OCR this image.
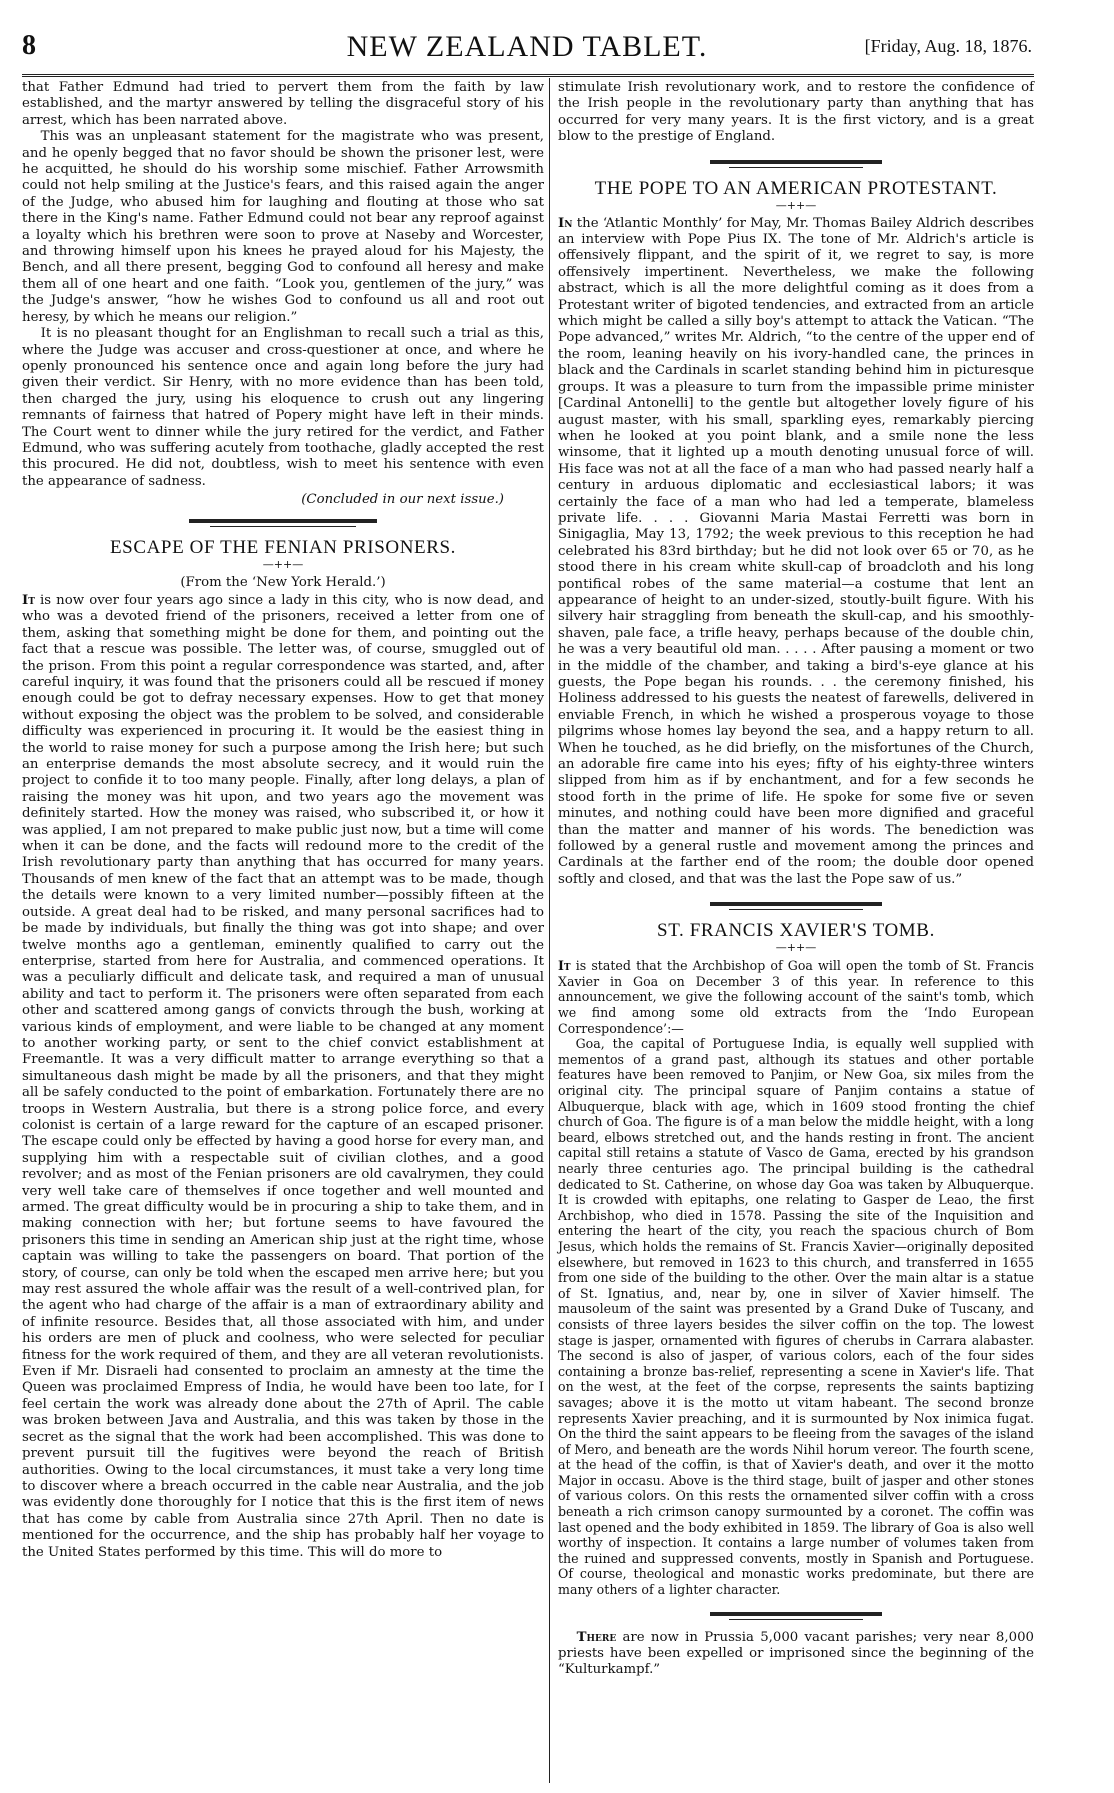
8	NEW ZEALAND TABLET.	[Friday, Aug. 18, 1876.

that Father Edmund had tried to pervert them from the faith by law established, and the martyr answered by telling the disgraceful story of his arrest, which has been narrated above.

This was an unpleasant statement for the magistrate who was present, and he openly begged that no favor should be shown the prisoner lest, were he acquitted, he should do his worship some mischief. Father Arrowsmith could not help smiling at the Justice's fears, and this raised again the anger of the Judge, who abused him for laughing and flouting at those who sat there in the King's name. Father Edmund could not bear any reproof against a loyalty which his brethren were soon to prove at Naseby and Worcester, and throwing himself upon his knees he prayed aloud for his Majesty, the Bench, and all there present, begging God to confound all heresy and make them all of one heart and one faith. “Look you, gentlemen of the jury,” was the Judge's answer, “how he wishes God to confound us all and root out heresy, by which he means our religion.”

It is no pleasant thought for an Englishman to recall such a trial as this, where the Judge was accuser and cross-questioner at once, and where he openly pronounced his sentence once and again long before the jury had given their verdict. Sir Henry, with no more evidence than has been told, then charged the jury, using his eloquence to crush out any lingering remnants of fairness that hatred of Popery might have left in their minds. The Court went to dinner while the jury retired for the verdict, and Father Edmund, who was suffering acutely from toothache, gladly accepted the rest this procured. He did not, doubtless, wish to meet his sentence with even the appearance of sadness.

(Concluded in our next issue.)
ESCAPE OF THE FENIAN PRISONERS.
—++—
(From the ‘New York Herald.’)

It is now over four years ago since a lady in this city, who is now dead, and who was a devoted friend of the prisoners, received a letter from one of them, asking that something might be done for them, and pointing out the fact that a rescue was possible. The letter was, of course, smuggled out of the prison. From this point a regular correspondence was started, and, after careful inquiry, it was found that the prisoners could all be rescued if money enough could be got to defray necessary expenses. How to get that money without exposing the object was the problem to be solved, and considerable difficulty was experienced in procuring it. It would be the easiest thing in the world to raise money for such a purpose among the Irish here; but such an enterprise demands the most absolute secrecy, and it would ruin the project to confide it to too many people. Finally, after long delays, a plan of raising the money was hit upon, and two years ago the movement was definitely started. How the money was raised, who subscribed it, or how it was applied, I am not prepared to make public just now, but a time will come when it can be done, and the facts will redound more to the credit of the Irish revolutionary party than anything that has occurred for many years. Thousands of men knew of the fact that an attempt was to be made, though the details were known to a very limited number—possibly fifteen at the outside. A great deal had to be risked, and many personal sacrifices had to be made by individuals, but finally the thing was got into shape; and over twelve months ago a gentleman, eminently qualified to carry out the enterprise, started from here for Australia, and commenced operations. It was a peculiarly difficult and delicate task, and required a man of unusual ability and tact to perform it. The prisoners were often separated from each other and scattered among gangs of convicts through the bush, working at various kinds of employment, and were liable to be changed at any moment to another working party, or sent to the chief convict establishment at Freemantle. It was a very difficult matter to arrange everything so that a simultaneous dash might be made by all the prisoners, and that they might all be safely conducted to the point of embarkation. Fortunately there are no troops in Western Australia, but there is a strong police force, and every colonist is certain of a large reward for the capture of an escaped prisoner. The escape could only be effected by having a good horse for every man, and supplying him with a respectable suit of civilian clothes, and a good revolver; and as most of the Fenian prisoners are old cavalrymen, they could very well take care of themselves if once together and well mounted and armed. The great difficulty would be in procuring a ship to take them, and in making connection with her; but fortune seems to have favoured the prisoners this time in sending an American ship just at the right time, whose captain was willing to take the passengers on board. That portion of the story, of course, can only be told when the escaped men arrive here; but you may rest assured the whole affair was the result of a well-contrived plan, for the agent who had charge of the affair is a man of extraordinary ability and of infinite resource. Besides that, all those associated with him, and under his orders are men of pluck and coolness, who were selected for peculiar fitness for the work required of them, and they are all veteran revolutionists. Even if Mr. Disraeli had consented to proclaim an amnesty at the time the Queen was proclaimed Empress of India, he would have been too late, for I feel certain the work was already done about the 27th of April. The cable was broken between Java and Australia, and this was taken by those in the secret as the signal that the work had been accomplished. This was done to prevent pursuit till the fugitives were beyond the reach of British authorities. Owing to the local circumstances, it must take a very long time to discover where a breach occurred in the cable near Australia, and the job was evidently done thoroughly for I notice that this is the first item of news that has come by cable from Australia since 27th April. Then no date is mentioned for the occurrence, and the ship has probably half her voyage to the United States performed by this time. This will do more to

stimulate Irish revolutionary work, and to restore the confidence of the Irish people in the revolutionary party than anything that has occurred for very many years. It is the first victory, and is a great blow to the prestige of England.

THE POPE TO AN AMERICAN PROTESTANT.
—++—

In the ‘Atlantic Monthly’ for May, Mr. Thomas Bailey Aldrich describes an interview with Pope Pius IX. The tone of Mr. Aldrich's article is offensively flippant, and the spirit of it, we regret to say, is more offensively impertinent. Nevertheless, we make the following abstract, which is all the more delightful coming as it does from a Protestant writer of bigoted tendencies, and extracted from an article which might be called a silly boy's attempt to attack the Vatican. “The Pope advanced,” writes Mr. Aldrich, “to the centre of the upper end of the room, leaning heavily on his ivory-handled cane, the princes in black and the Cardinals in scarlet standing behind him in picturesque groups. It was a pleasure to turn from the impassible prime minister [Cardinal Antonelli] to the gentle but altogether lovely figure of his august master, with his small, sparkling eyes, remarkably piercing when he looked at you point blank, and a smile none the less winsome, that it lighted up a mouth denoting unusual force of will. His face was not at all the face of a man who had passed nearly half a century in arduous diplomatic and ecclesiastical labors; it was certainly the face of a man who had led a temperate, blameless private life. . . . Giovanni Maria Mastai Ferretti was born in Sinigaglia, May 13, 1792; the week previous to this reception he had celebrated his 83rd birthday; but he did not look over 65 or 70, as he stood there in his cream white skull-cap of broadcloth and his long pontifical robes of the same material—a costume that lent an appearance of height to an under-sized, stoutly-built figure. With his silvery hair straggling from beneath the skull-cap, and his smoothly-shaven, pale face, a trifle heavy, perhaps because of the double chin, he was a very beautiful old man. . . . . After pausing a moment or two in the middle of the chamber, and taking a bird's-eye glance at his guests, the Pope began his rounds. . . the ceremony finished, his Holiness addressed to his guests the neatest of farewells, delivered in enviable French, in which he wished a prosperous voyage to those pilgrims whose homes lay beyond the sea, and a happy return to all. When he touched, as he did briefly, on the misfortunes of the Church, an adorable fire came into his eyes; fifty of his eighty-three winters slipped from him as if by enchantment, and for a few seconds he stood forth in the prime of life. He spoke for some five or seven minutes, and nothing could have been more dignified and graceful than the matter and manner of his words. The benediction was followed by a general rustle and movement among the princes and Cardinals at the farther end of the room; the double door opened softly and closed, and that was the last the Pope saw of us.”

ST. FRANCIS XAVIER'S TOMB.
—++—

It is stated that the Archbishop of Goa will open the tomb of St. Francis Xavier in Goa on December 3 of this year. In reference to this announcement, we give the following account of the saint's tomb, which we find among some old extracts from the ‘Indo European Correspondence’:—

Goa, the capital of Portuguese India, is equally well supplied with mementos of a grand past, although its statues and other portable features have been removed to Panjim, or New Goa, six miles from the original city. The principal square of Panjim contains a statue of Albuquerque, black with age, which in 1609 stood fronting the chief church of Goa. The figure is of a man below the middle height, with a long beard, elbows stretched out, and the hands resting in front. The ancient capital still retains a statute of Vasco de Gama, erected by his grandson nearly three centuries ago. The principal building is the cathedral dedicated to St. Catherine, on whose day Goa was taken by Albuquerque. It is crowded with epitaphs, one relating to Gasper de Leao, the first Archbishop, who died in 1578. Passing the site of the Inquisition and entering the heart of the city, you reach the spacious church of Bom Jesus, which holds the remains of St. Francis Xavier—originally deposited elsewhere, but removed in 1623 to this church, and transferred in 1655 from one side of the building to the other. Over the main altar is a statue of St. Ignatius, and, near by, one in silver of Xavier himself. The mausoleum of the saint was presented by a Grand Duke of Tuscany, and consists of three layers besides the silver coffin on the top. The lowest stage is jasper, ornamented with figures of cherubs in Carrara alabaster. The second is also of jasper, of various colors, each of the four sides containing a bronze bas-relief, representing a scene in Xavier's life. That on the west, at the feet of the corpse, represents the saints baptizing savages; above it is the motto ut vitam habeant. The second bronze represents Xavier preaching, and it is surmounted by Nox inimica fugat. On the third the saint appears to be fleeing from the savages of the island of Mero, and beneath are the words Nihil horum vereor. The fourth scene, at the head of the coffin, is that of Xavier's death, and over it the motto Major in occasu. Above is the third stage, built of jasper and other stones of various colors. On this rests the ornamented silver coffin with a cross beneath a rich crimson canopy surmounted by a coronet. The coffin was last opened and the body exhibited in 1859. The library of Goa is also well worthy of inspection. It contains a large number of volumes taken from the ruined and suppressed convents, mostly in Spanish and Portuguese. Of course, theological and monastic works predominate, but there are many others of a lighter character.

There are now in Prussia 5,000 vacant parishes; very near 8,000 priests have been expelled or imprisoned since the beginning of the “Kulturkampf.”
